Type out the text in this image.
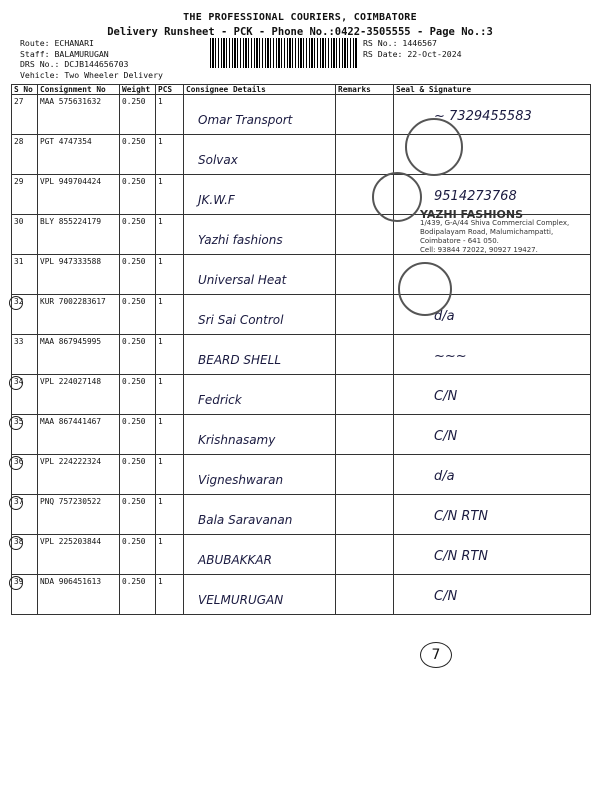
THE PROFESSIONAL COURIERS, COIMBATORE
Delivery Runsheet - PCK - Phone No.:0422-3505555 - Page No.:3
Route: ECHANARI
Staff: BALAMURUGAN
DRS No.: DCJB144656703
Vehicle: Two Wheeler Delivery
RS No.: 1446567
RS Date: 22-Oct-2024
S No	Consignment No	Weight	PCS	Consignee Details	Remarks	Seal & Signature
27	MAA 575631632	0.250	1	Omar Transport		~ 7329455583

28	PGT 4747354	0.250	1	Solvax		

29	VPL 949704424	0.250	1	JK.W.F		9514273768

30	BLY 855224179	0.250	1	Yazhi fashions		

31	VPL 947333588	0.250	1	Universal Heat		

32	KUR 7002283617	0.250	1	Sri Sai Control		d/a

33	MAA 867945995	0.250	1	BEARD SHELL		~~~

34	VPL 224027148	0.250	1	Fedrick		C/N

35	MAA 867441467	0.250	1	Krishnasamy		C/N

36	VPL 224222324	0.250	1	Vigneshwaran		d/a

37	PNQ 757230522	0.250	1	Bala Saravanan		C/N RTN

38	VPL 225203844	0.250	1	ABUBAKKAR		C/N RTN

39	NDA 906451613	0.250	1	VELMURUGAN		C/N
YAZHI FASHIONS
1/439, G-A/44 Shiva Commercial Complex,
Bodipalayam Road, Malumichampatti,
Coimbatore - 641 050.
Cell: 93844 72022, 90927 19427.
7
